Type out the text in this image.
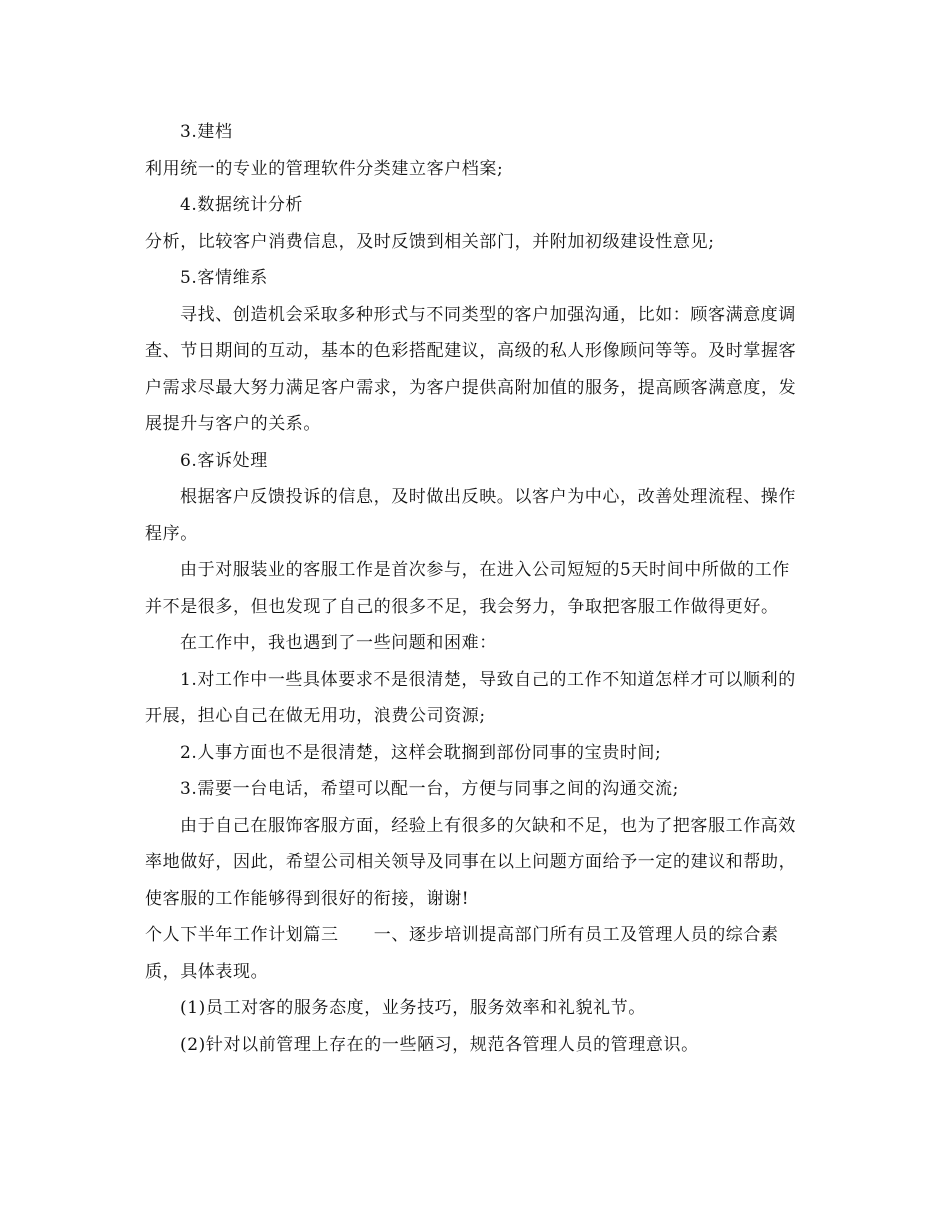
3.建档

利用统一的专业的管理软件分类建立客户档案;

4.数据统计分析

分析，比较客户消费信息，及时反馈到相关部门，并附加初级建设性意见;

5.客情维系

寻找、创造机会采取多种形式与不同类型的客户加强沟通，比如：顾客满意度调查、节日期间的互动，基本的色彩搭配建议，高级的私人形像顾问等等。及时掌握客户需求尽最大努力满足客户需求，为客户提供高附加值的服务，提高顾客满意度，发展提升与客户的关系。

6.客诉处理

根据客户反馈投诉的信息，及时做出反映。以客户为中心，改善处理流程、操作程序。

由于对服装业的客服工作是首次参与，在进入公司短短的5天时间中所做的工作并不是很多，但也发现了自己的很多不足，我会努力，争取把客服工作做得更好。

在工作中，我也遇到了一些问题和困难：

1.对工作中一些具体要求不是很清楚，导致自己的工作不知道怎样才可以顺利的开展，担心自己在做无用功，浪费公司资源;

2.人事方面也不是很清楚，这样会耽搁到部份同事的宝贵时间;

3.需要一台电话，希望可以配一台，方便与同事之间的沟通交流;

由于自己在服饰客服方面，经验上有很多的欠缺和不足，也为了把客服工作高效率地做好，因此，希望公司相关领导及同事在以上问题方面给予一定的建议和帮助，使客服的工作能够得到很好的衔接，谢谢!

个人下半年工作计划篇三　　一、逐步培训提高部门所有员工及管理人员的综合素质，具体表现。

(1)员工对客的服务态度，业务技巧，服务效率和礼貌礼节。

(2)针对以前管理上存在的一些陋习，规范各管理人员的管理意识。
